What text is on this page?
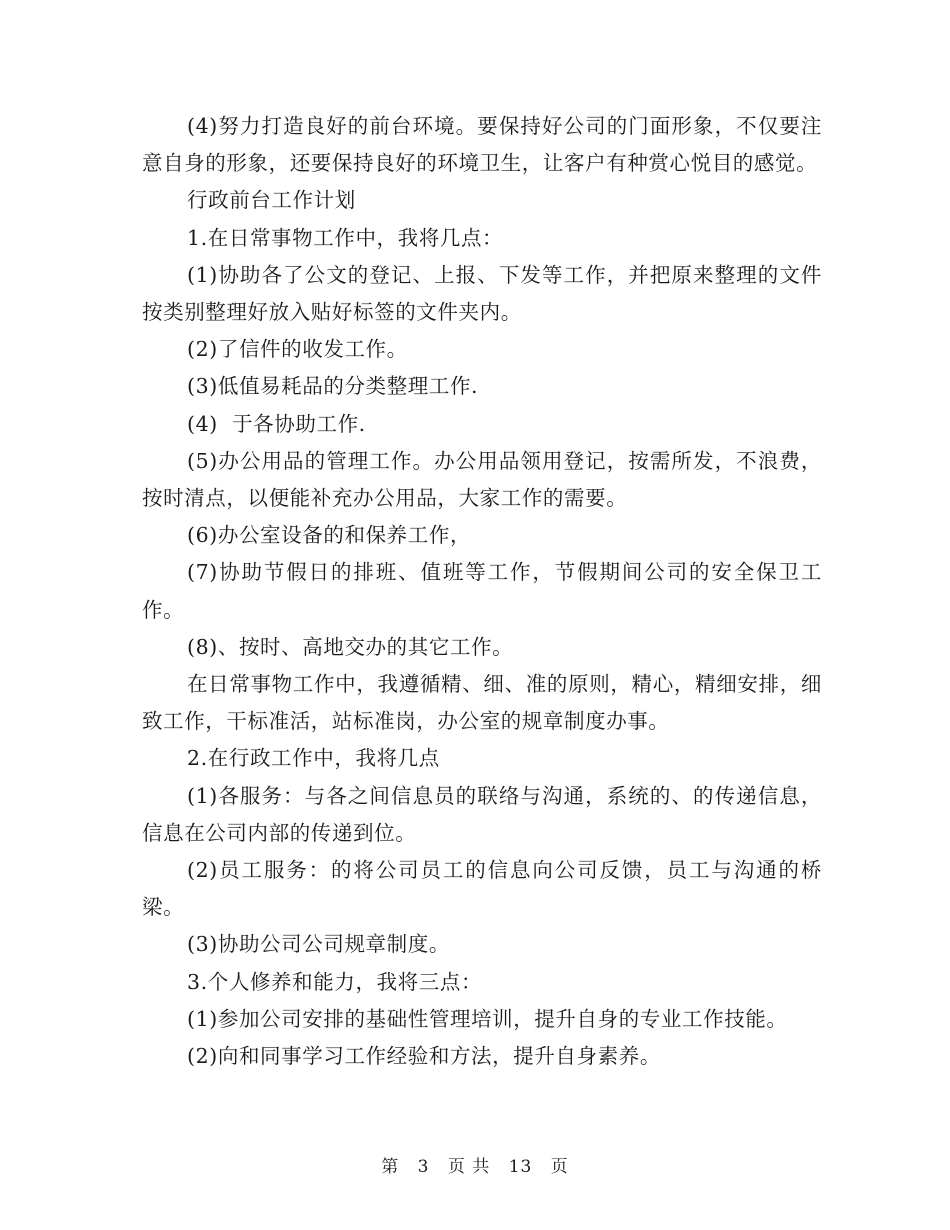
(4)努力打造良好的前台环境。要保持好公司的门面形象，不仅要注意自身的形象，还要保持良好的环境卫生，让客户有种赏心悦目的感觉。

行政前台工作计划

1.在日常事物工作中，我将几点：

(1)协助各了公文的登记、上报、下发等工作，并把原来整理的文件按类别整理好放入贴好标签的文件夹内。

(2)了信件的收发工作。

(3)低值易耗品的分类整理工作.

(4)  于各协助工作.

(5)办公用品的管理工作。办公用品领用登记，按需所发，不浪费，按时清点，以便能补充办公用品，大家工作的需要。

(6)办公室设备的和保养工作，

(7)协助节假日的排班、值班等工作，节假期间公司的安全保卫工作。

(8)、按时、高地交办的其它工作。

在日常事物工作中，我遵循精、细、准的原则，精心，精细安排，细致工作，干标准活，站标准岗，办公室的规章制度办事。

2.在行政工作中，我将几点

(1)各服务：与各之间信息员的联络与沟通，系统的、的传递信息，信息在公司内部的传递到位。

(2)员工服务：的将公司员工的信息向公司反馈，员工与沟通的桥梁。

(3)协助公司公司规章制度。

3.个人修养和能力，我将三点：

(1)参加公司安排的基础性管理培训，提升自身的专业工作技能。

(2)向和同事学习工作经验和方法，提升自身素养。

第 3 页 共 13 页
